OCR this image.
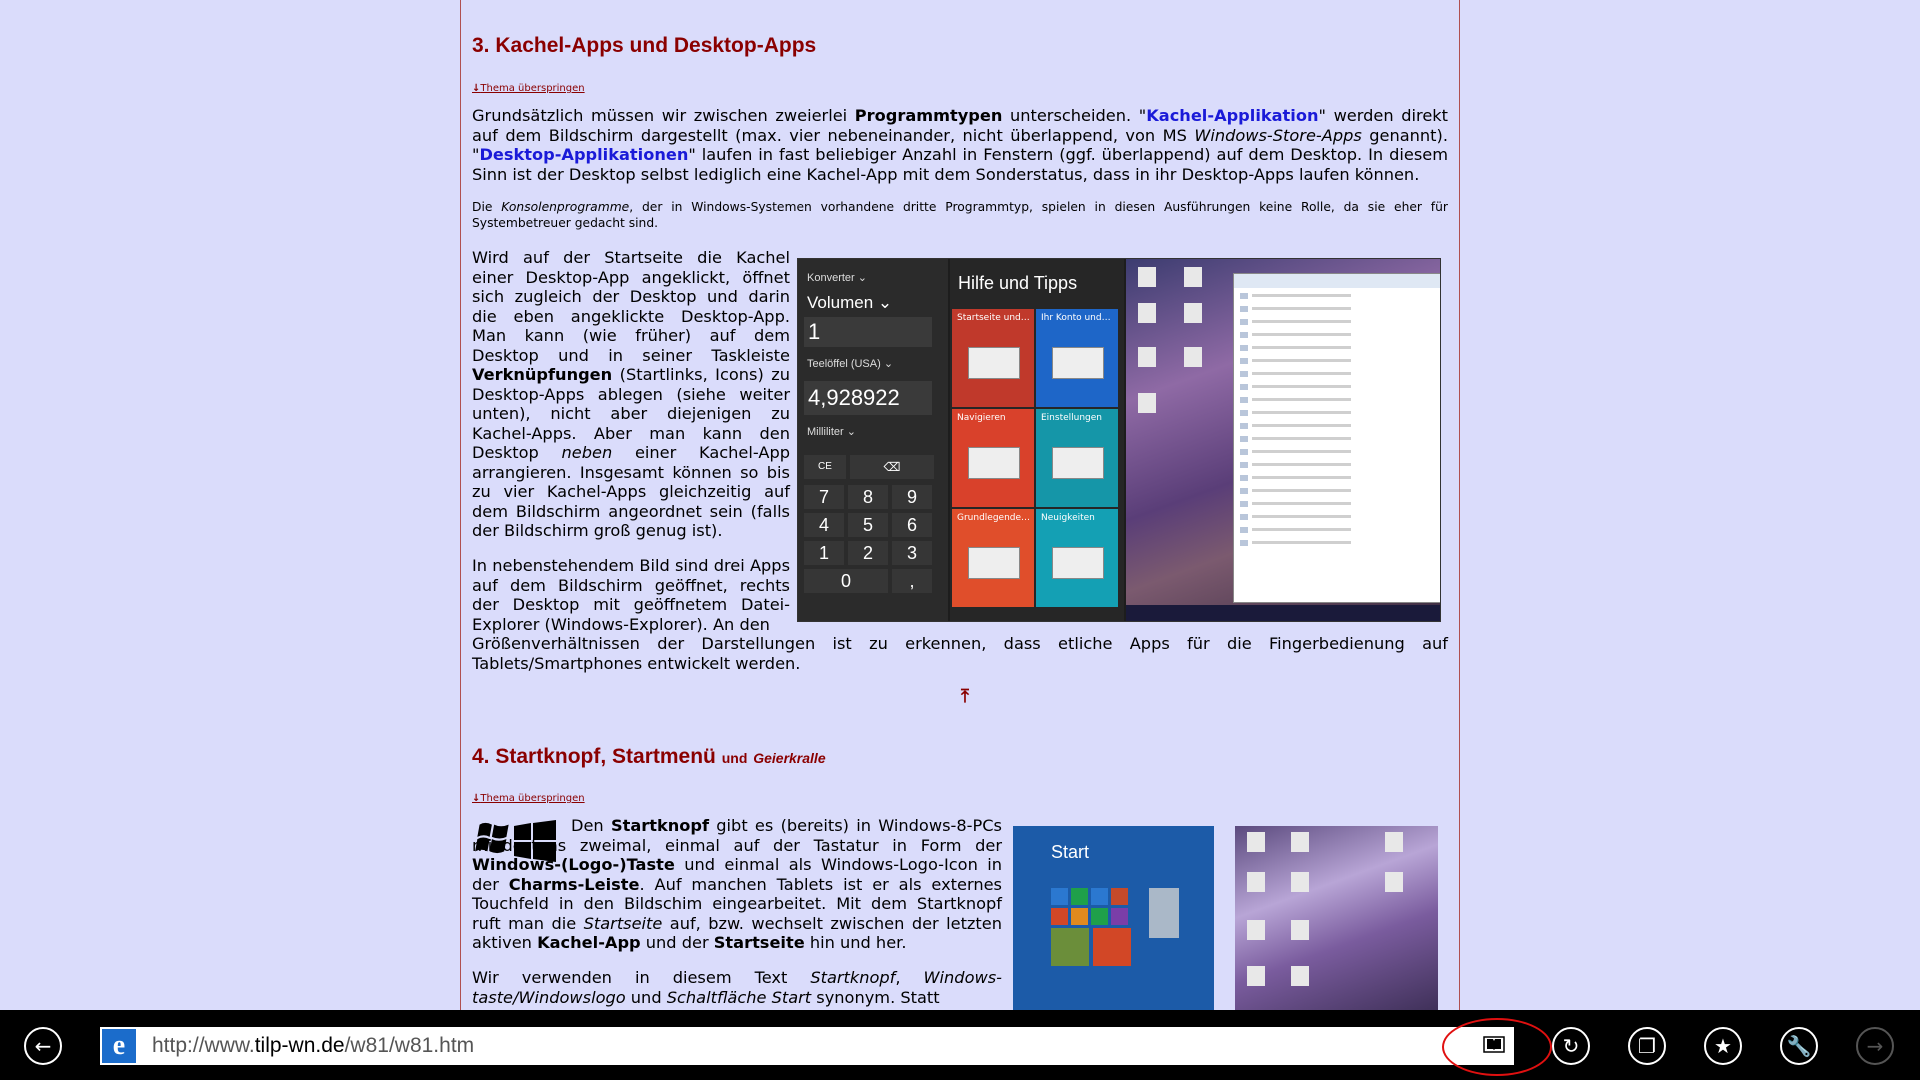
3. Kachel-Apps und Desktop-Apps
↓Thema überspringen

Grundsätzlich müssen wir zwischen zweierlei Programmtypen unterscheiden. "Kachel-Applikation" werden direkt auf dem Bildschirm dargestellt (max. vier nebeneinander, nicht überlappend, von MS Windows-Store-Apps genannt). "Desktop-Applikationen" laufen in fast beliebiger Anzahl in Fenstern (ggf. überlappend) auf dem Desktop. In diesem Sinn ist der Desktop selbst lediglich eine Kachel-App mit dem Sonderstatus, dass in ihr Desktop-Apps laufen können.

Die Konsolenprogramme, der in Windows-Systemen vorhandene dritte Programmtyp, spielen in diesen Ausführungen keine Rolle, da sie eher für Systembetreuer gedacht sind.

Wird auf der Startseite die Kachel einer Desktop-App angeklickt, öffnet sich zugleich der Desktop und darin die eben angeklickte Desktop-App. Man kann (wie früher) auf dem Desktop und in seiner Taskleiste Verknüpfungen (Startlinks, Icons) zu Desktop-Apps ablegen (siehe weiter unten), nicht aber diejenigen zu Kachel-Apps. Aber man kann den Desktop neben einer Kachel-App arrangieren. Insgesamt können so bis zu vier Kachel-Apps gleichzeitig auf dem Bildschirm angeordnet sein (falls der Bildschirm groß genug ist).

In nebenstehendem Bild sind drei Apps auf dem Bildschirm geöffnet, rechts der Desktop mit geöffnetem Datei-Explorer (Windows-Explorer). An den

Größenverhältnissen der Darstellungen ist zu erkennen, dass etliche Apps für die Fingerbedienung auf Tablets/Smartphones entwickelt werden.

Konverter ⌄
Volumen ⌄
1
Teelöffel (USA) ⌄
4,928922
Milliliter ⌄
CE	⌫
7	8	9
4	5	6
1	2	3
0	,
Hilfe und Tipps
Startseite und… Ihr Konto und…
Navigieren	Einstellungen
Grundlegende… Neuigkeiten
⤒
4. Startknopf, Startmenü und Geierkralle
↓Thema überspringen

Den Startknopf gibt es (bereits) in Windows-8-PCs mindestens zweimal, einmal auf der Tastatur in Form der Windows-(Logo-)Taste und einmal als Windows-Logo-Icon in der Charms-Leiste. Auf manchen Tablets ist er als externes Touchfeld in den Bildschim eingearbeitet. Mit dem Startknopf ruft man die Startseite auf, bzw. wechselt zwischen der letzten aktiven Kachel-App und der Startseite hin und her.

Wir verwenden in diesem Text Startknopf, Windows-taste/Windowslogo und Schaltfläche Start synonym. Statt

Start
←	e	http://www.tilp-wn.de/w81/w81.htm	↻	❐	★	🔧	→
